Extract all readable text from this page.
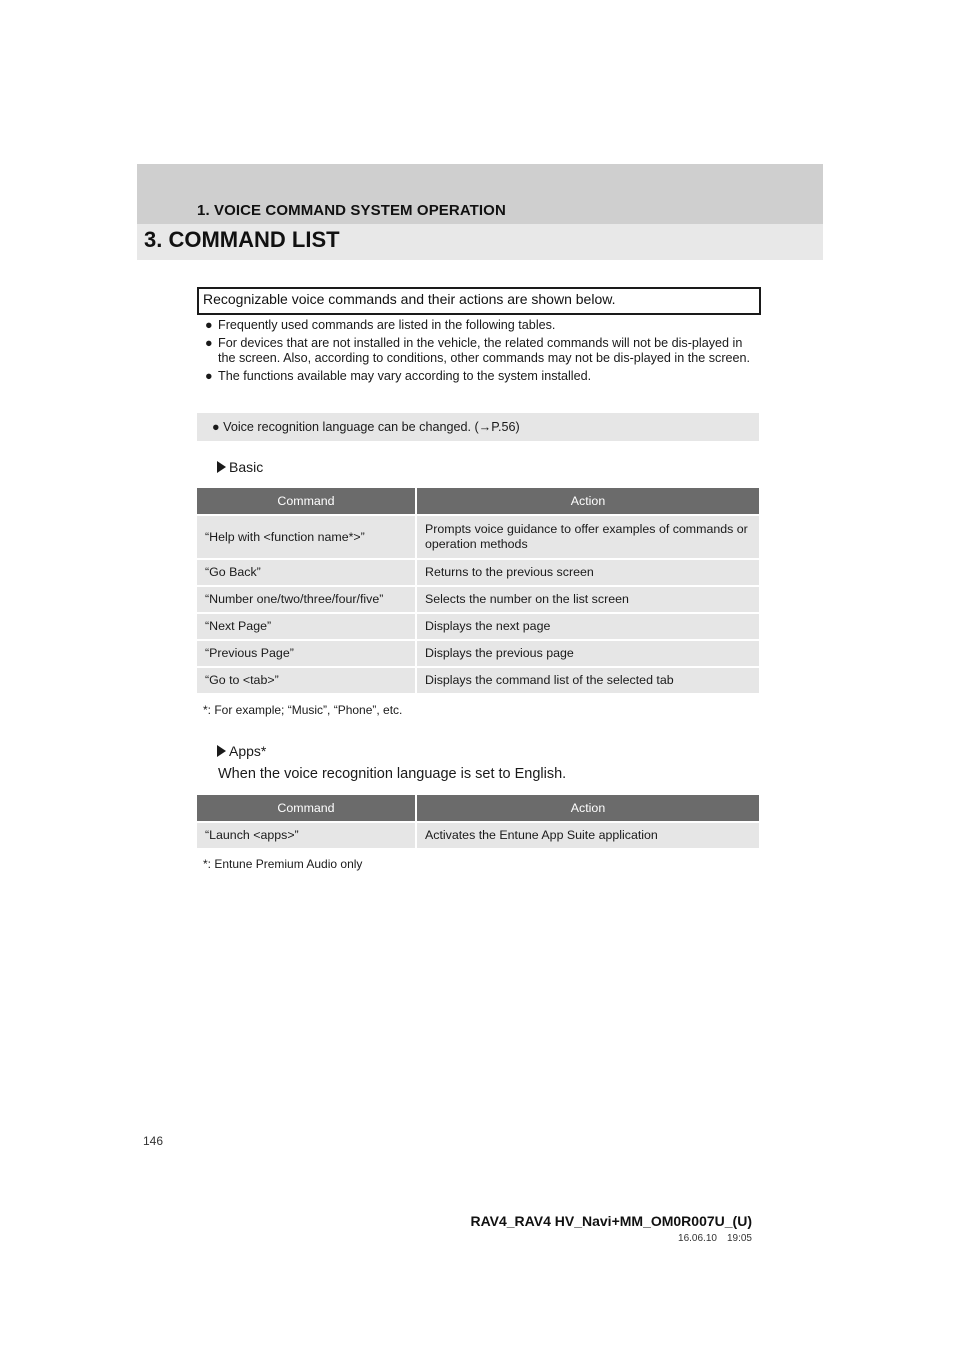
1. VOICE COMMAND SYSTEM OPERATION
3. COMMAND LIST
Recognizable voice commands and their actions are shown below.
● Frequently used commands are listed in the following tables.
● For devices that are not installed in the vehicle, the related commands will not be dis-played in the screen. Also, according to conditions, other commands may not be dis-played in the screen.
● The functions available may vary according to the system installed.
● Voice recognition language can be changed. (→P.56)
Basic
Command	Action
“Help with <function name*>”	Prompts voice guidance to offer examples of commands or operation methods
“Go Back”	Returns to the previous screen
“Number one/two/three/four/five”	Selects the number on the list screen
“Next Page”	Displays the next page
“Previous Page”	Displays the previous page
“Go to <tab>”	Displays the command list of the selected tab
*: For example; “Music”, “Phone”, etc.
Apps*
When the voice recognition language is set to English.
Command	Action
“Launch <apps>”	Activates the Entune App Suite application
*: Entune Premium Audio only
146
RAV4_RAV4 HV_Navi+MM_OM0R007U_(U)
16.06.10 19:05
